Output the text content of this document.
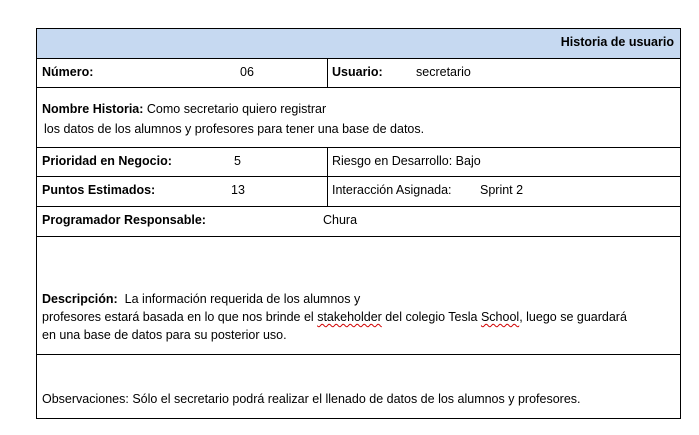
Historia de usuario
Número:	06	Usuario:	secretario
Nombre Historia: Como secretario quiero registrar
los datos de los alumnos y profesores para tener una base de datos.
Prioridad en Negocio:	5	Riesgo en Desarrollo: Bajo
Puntos Estimados:	13	Interacción Asignada: Sprint 2
Programador Responsable:	Chura
Descripción: La información requerida de los alumnos y
profesores estará basada en lo que nos brinde el stakeholder del colegio Tesla School, luego se guardará
en una base de datos para su posterior uso.
Observaciones: Sólo el secretario podrá realizar el llenado de datos de los alumnos y profesores.
